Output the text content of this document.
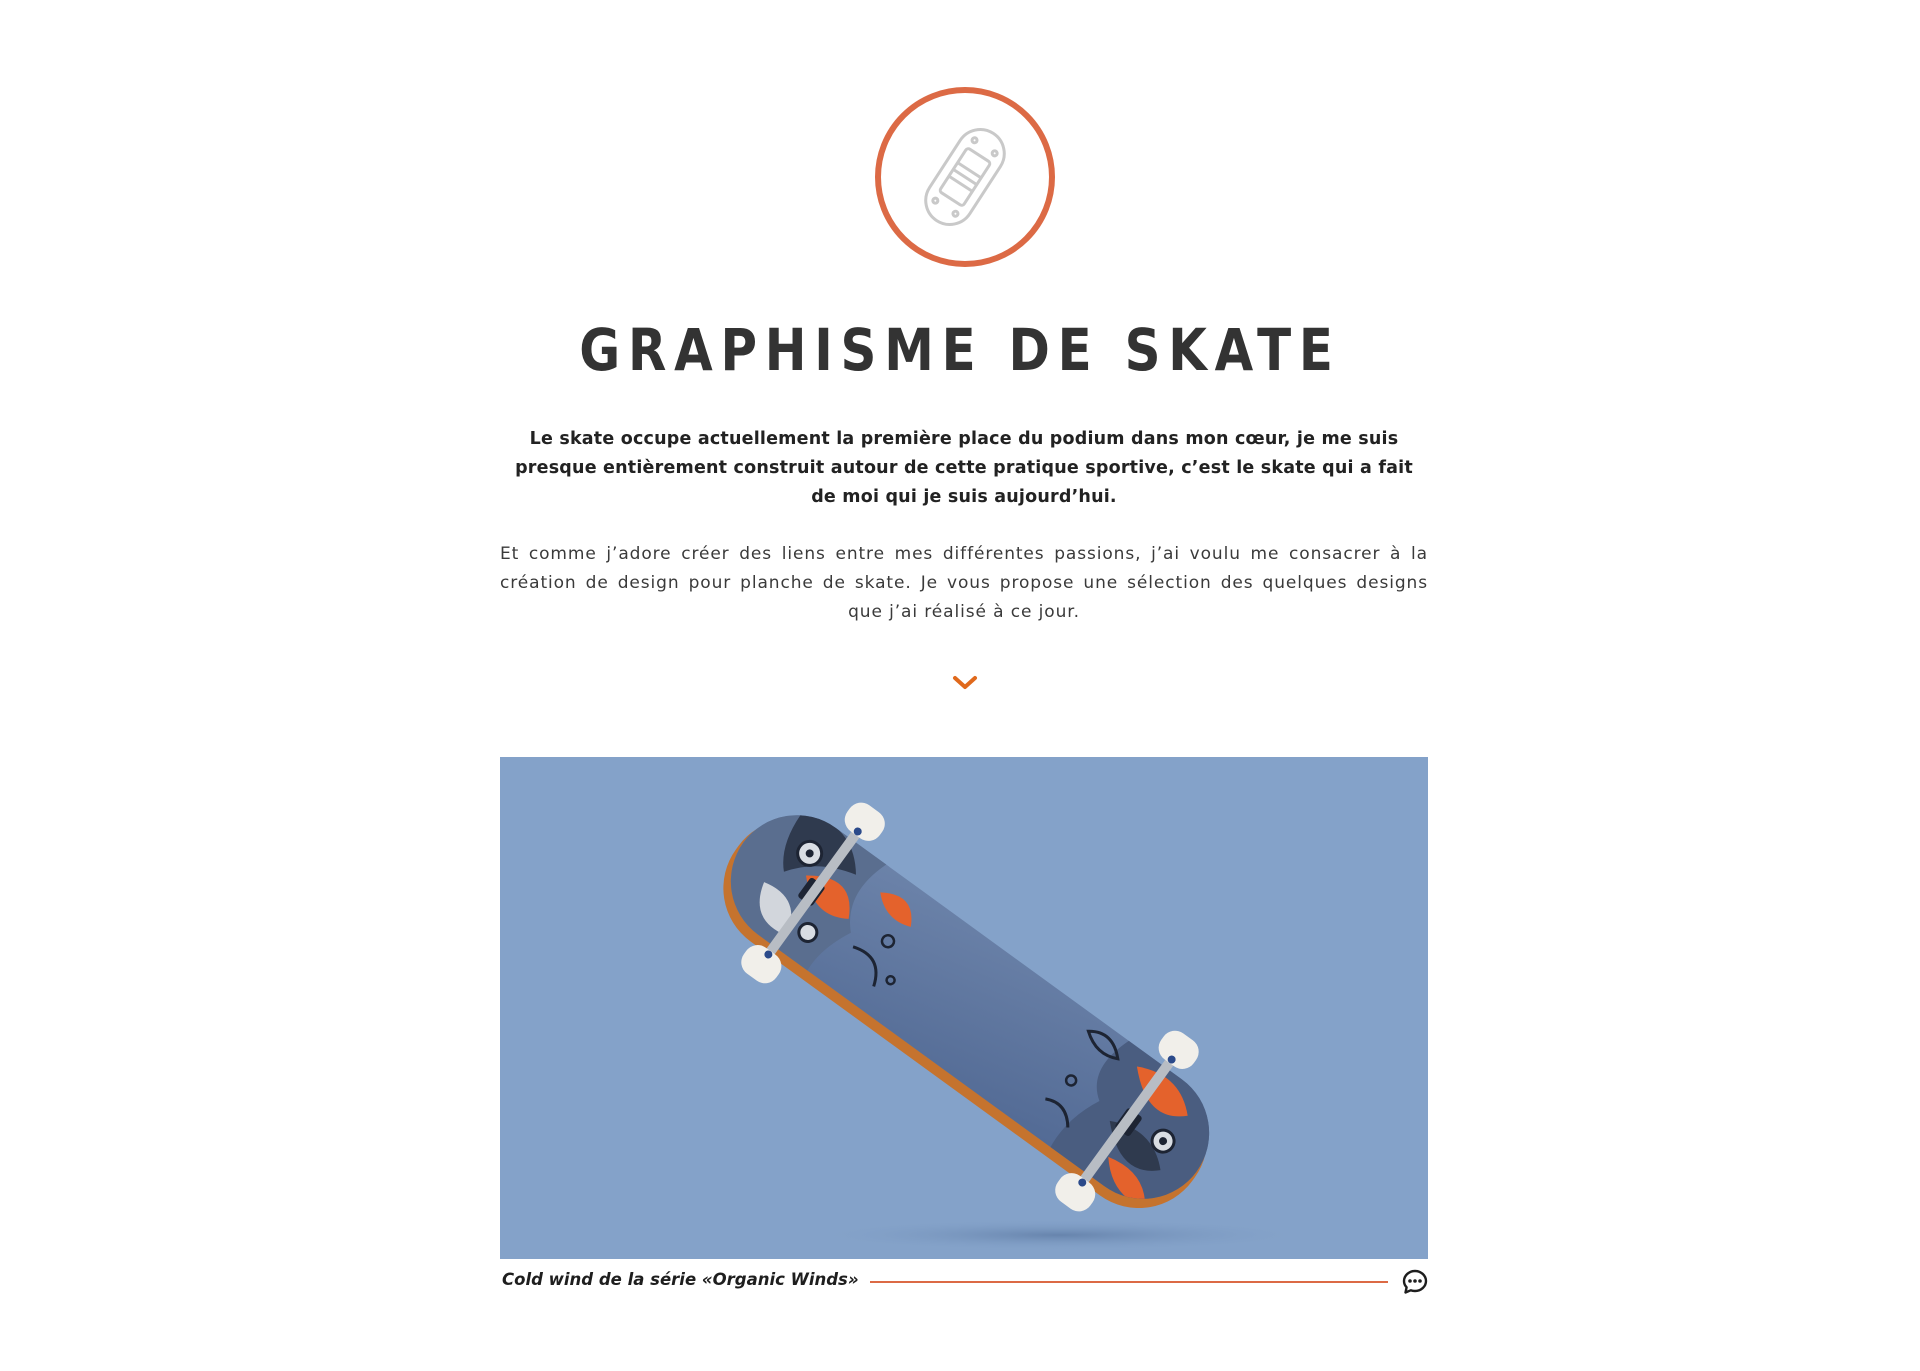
GRAPHISME DE SKATE

Le skate occupe actuellement la première place du podium dans mon cœur, je me suis presque entièrement construit autour de cette pratique sportive, c’est le skate qui a fait de moi qui je suis aujourd’hui.

Et comme j’adore créer des liens entre mes différentes passions, j’ai voulu me consacrer à la création de design pour planche de skate. Je vous propose une sélection des quelques designs que j’ai réalisé à ce jour.

Cold wind de la série «Organic Winds»
